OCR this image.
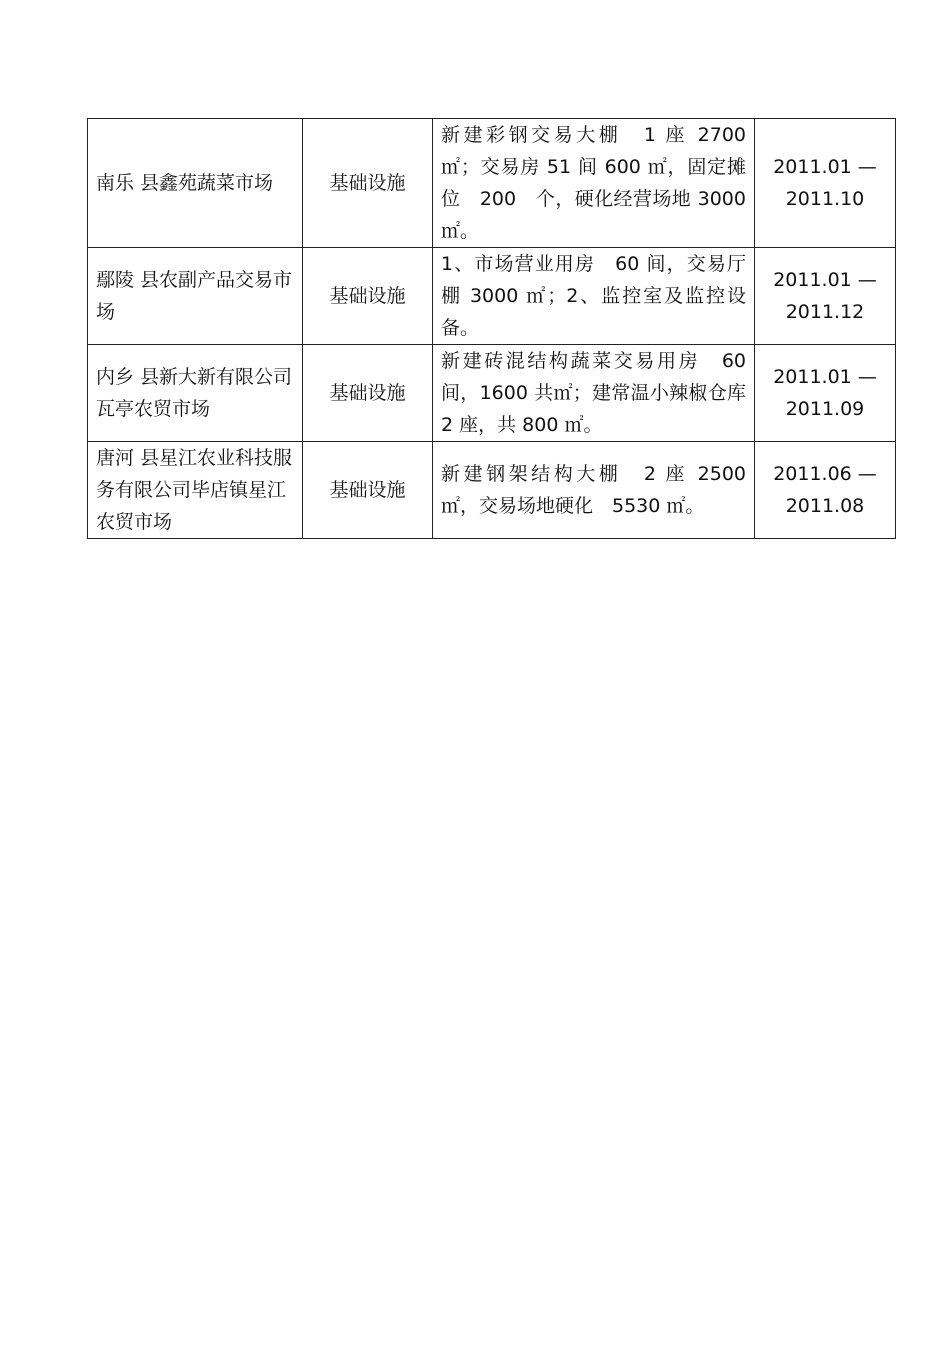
南乐 县鑫苑蔬菜市场	基础设施	新建彩钢交易大棚　1 座 2700 ㎡；交易房 51 间 600 ㎡，固定摊位　200　个，硬化经营场地 3000 ㎡。	2011.01 —
2011.10
鄢陵 县农副产品交易市场	基础设施	1、市场营业用房　60 间，交易厅棚 3000 ㎡；2、监控室及监控设备。	2011.01 —
2011.12
内乡 县新大新有限公司瓦亭农贸市场	基础设施	新建砖混结构蔬菜交易用房　60 间，1600 共㎡；建常温小辣椒仓库 2 座，共 800 ㎡。	2011.01 —
2011.09
唐河 县星江农业科技服 务有限公司毕店镇星江农贸市场	基础设施	新建钢架结构大棚　2 座 2500 ㎡，交易场地硬化　5530 ㎡。	2011.06 —
2011.08
